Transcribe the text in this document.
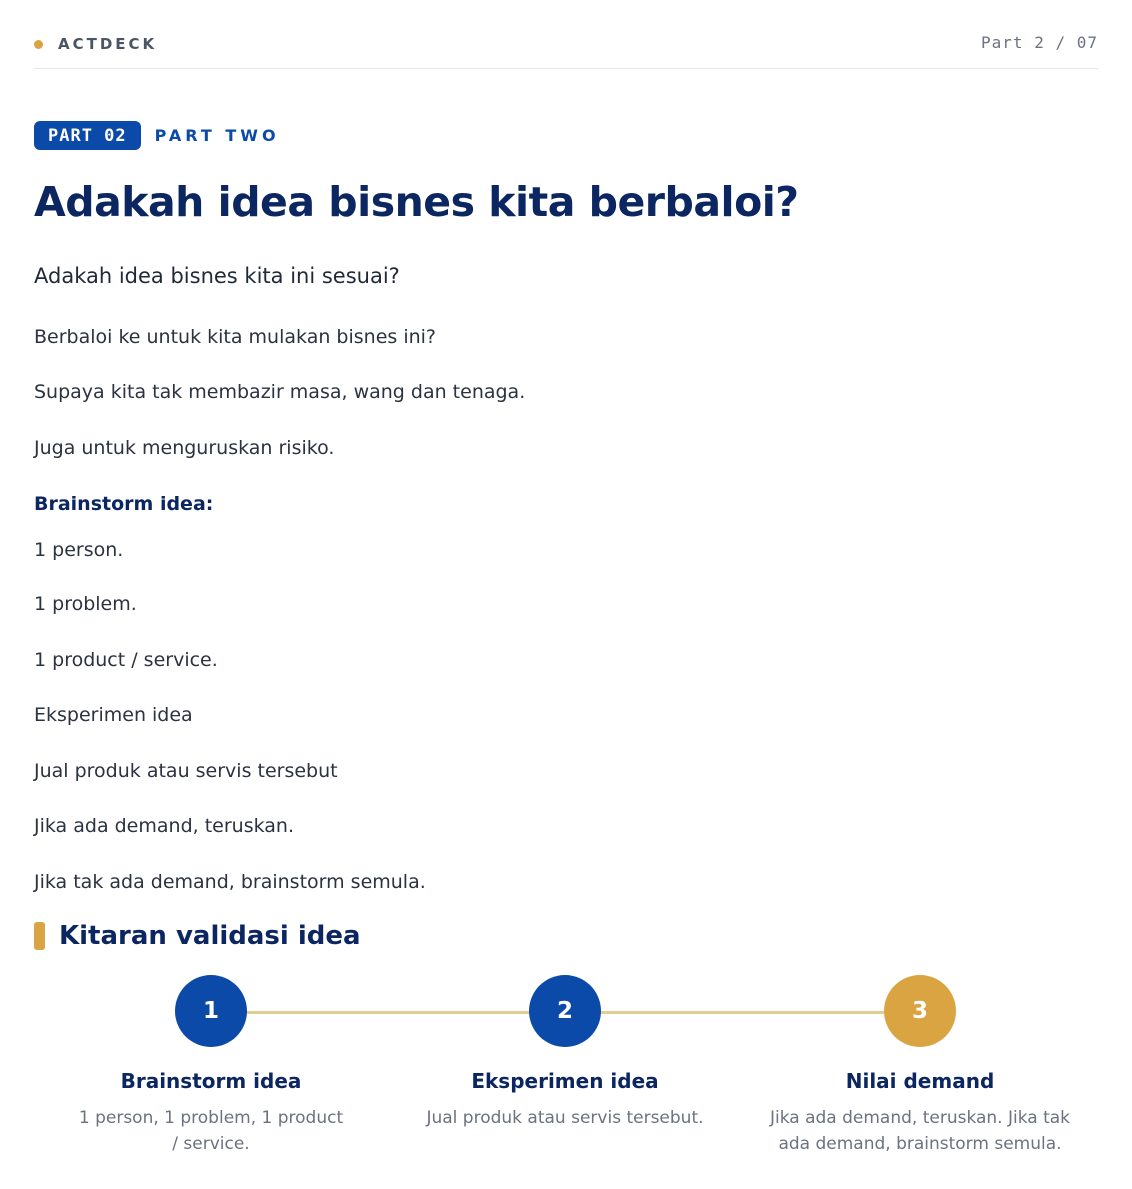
ACTDECK	Part 2 / 07
PART 02	PART TWO
Adakah idea bisnes kita berbaloi?
Adakah idea bisnes kita ini sesuai?
Berbaloi ke untuk kita mulakan bisnes ini?
Supaya kita tak membazir masa, wang dan tenaga.
Juga untuk menguruskan risiko.
Brainstorm idea:
1 person.
1 problem.
1 product / service.
Eksperimen idea
Jual produk atau servis tersebut
Jika ada demand, teruskan.
Jika tak ada demand, brainstorm semula.
Kitaran validasi idea
1
Brainstorm idea
1 person, 1 problem, 1 product / service.
2
Eksperimen idea
Jual produk atau servis tersebut.
3
Nilai demand
Jika ada demand, teruskan. Jika tak ada demand, brainstorm semula.
